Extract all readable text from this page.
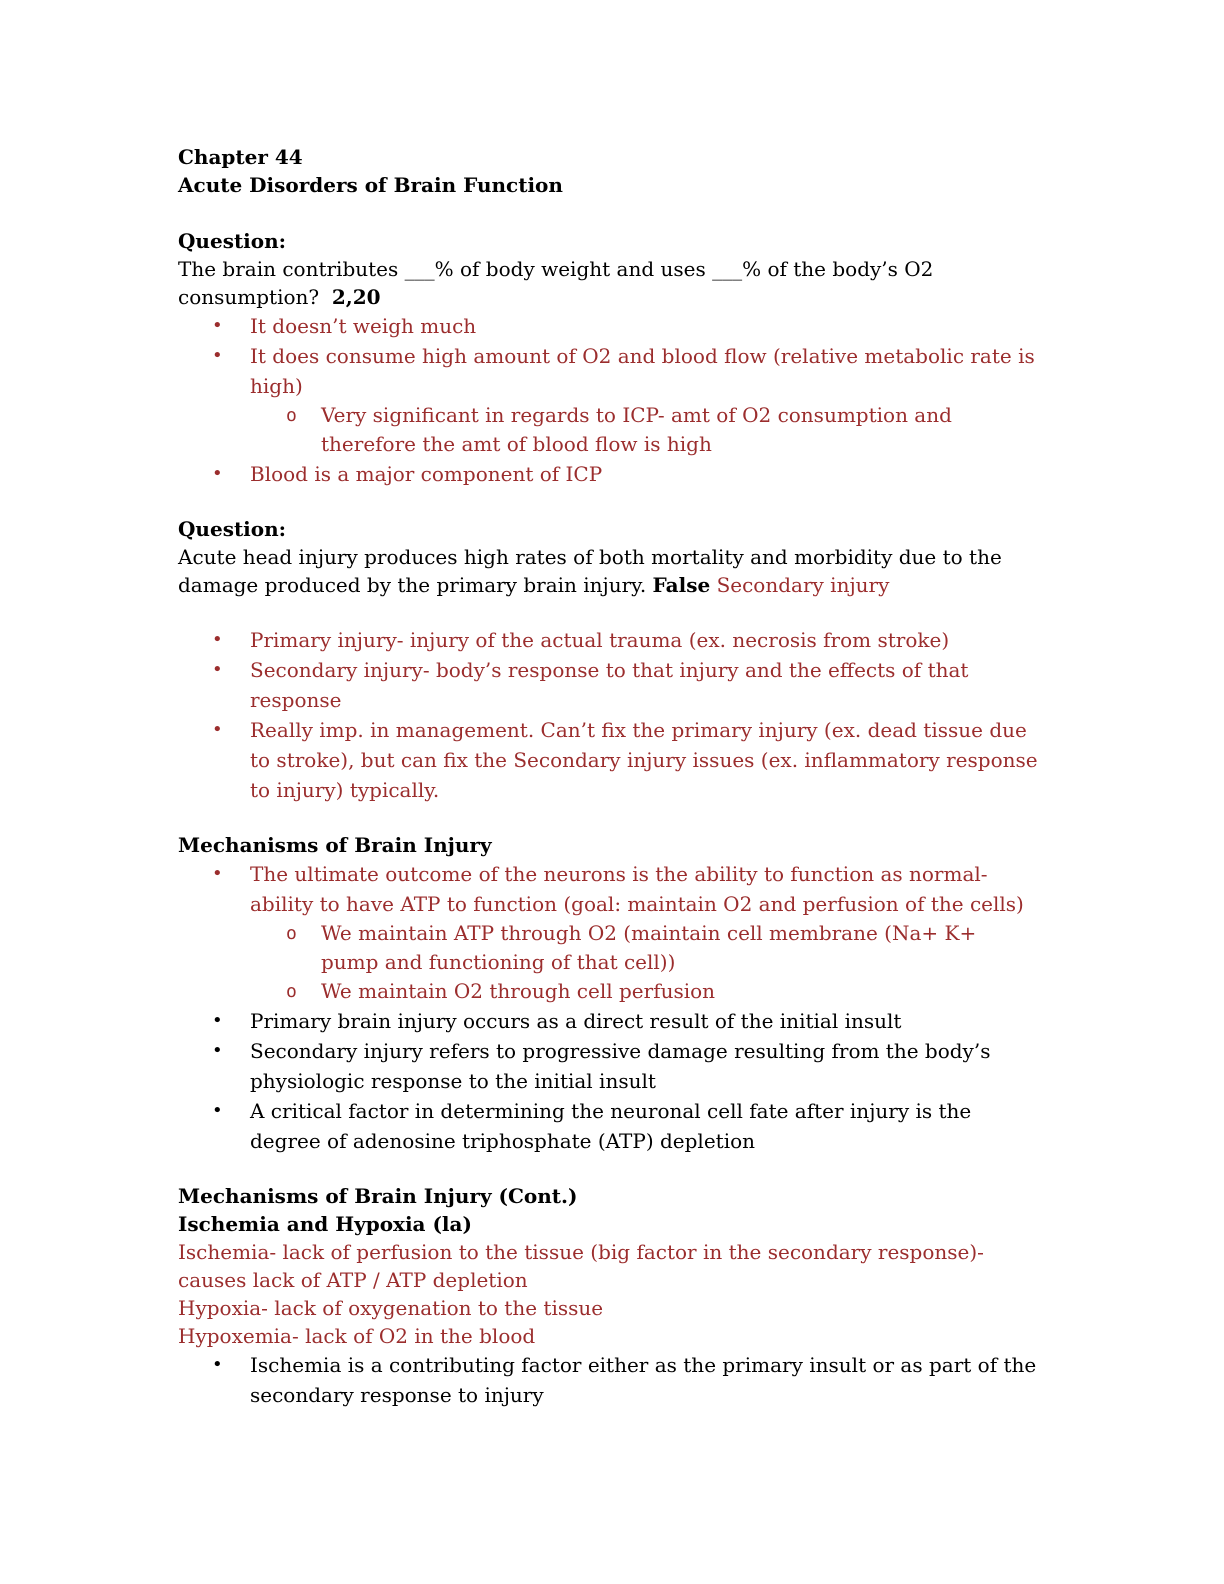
Chapter 44

Acute Disorders of Brain Function

Question:

The brain contributes ___% of body weight and uses ___% of the body’s O2 consumption? 2,20

• It doesn’t weigh much
• It does consume high amount of O2 and blood flow (relative metabolic rate is high)
o Very significant in regards to ICP- amt of O2 consumption and therefore the amt of blood flow is high
• Blood is a major component of ICP

Question:

Acute head injury produces high rates of both mortality and morbidity due to the damage produced by the primary brain injury. False Secondary injury

• Primary injury- injury of the actual trauma (ex. necrosis from stroke)
• Secondary injury- body’s response to that injury and the effects of that response
• Really imp. in management. Can’t fix the primary injury (ex. dead tissue due to stroke), but can fix the Secondary injury issues (ex. inflammatory response to injury) typically.

Mechanisms of Brain Injury

• The ultimate outcome of the neurons is the ability to function as normal- ability to have ATP to function (goal: maintain O2 and perfusion of the cells)
o We maintain ATP through O2 (maintain cell membrane (Na+ K+ pump and functioning of that cell))
o We maintain O2 through cell perfusion
• Primary brain injury occurs as a direct result of the initial insult
• Secondary injury refers to progressive damage resulting from the body’s physiologic response to the initial insult
• A critical factor in determining the neuronal cell fate after injury is the degree of adenosine triphosphate (ATP) depletion

Mechanisms of Brain Injury (Cont.)

Ischemia and Hypoxia (la)

Ischemia- lack of perfusion to the tissue (big factor in the secondary response)- causes lack of ATP / ATP depletion

Hypoxia- lack of oxygenation to the tissue

Hypoxemia- lack of O2 in the blood

• Ischemia is a contributing factor either as the primary insult or as part of the secondary response to injury
